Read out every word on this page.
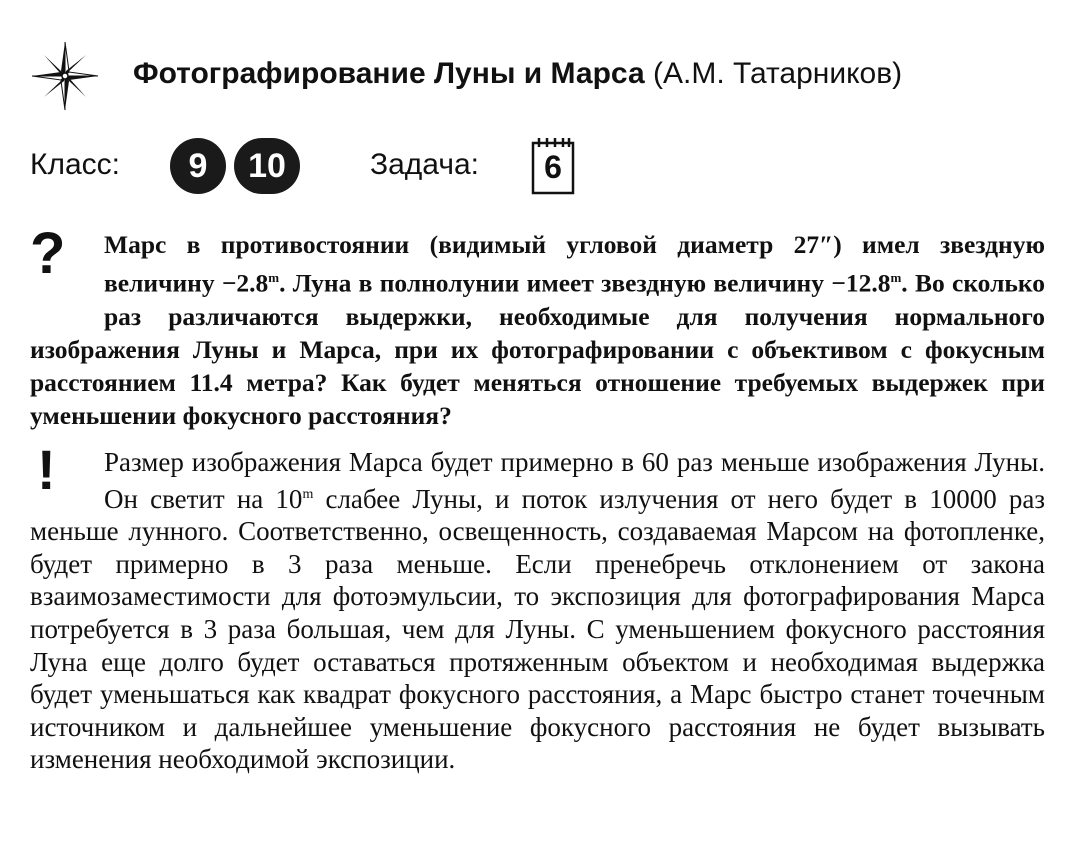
Фотографирование Луны и Марса (А.М. Татарников)
Класс:	9	10	Задача:	6
?	Марс в противостоянии (видимый угловой диаметр 27″) имел звездную величину $-2.8^m$. Луна в полнолунии имеет звездную величину $-12.8^m$. Во сколько раз различаются выдержки, необходимые для получения нормального изображения Луны и Марса, при их фотографировании с объективом с фокусным расстоянием 11.4 метра? Как будет меняться отношение требуемых выдержек при уменьшении фокусного расстояния?

!	Размер изображения Марса будет примерно в 60 раз меньше изображения Луны. Он светит на 10$^m$ слабее Луны, и поток излучения от него будет в 10000 раз меньше лунного. Соответственно, освещенность, создаваемая Марсом на фотопленке, будет примерно в 3 раза меньше. Если пренебречь отклонением от закона взаимозаместимости для фотоэмульсии, то экспозиция для фотографирования Марса потребуется в 3 раза большая, чем для Луны. С уменьшением фокусного расстояния Луна еще долго будет оставаться протяженным объектом и необходимая выдержка будет уменьшаться как квадрат фокусного расстояния, а Марс быстро станет точечным источником и дальнейшее уменьшение фокусного расстояния не будет вызывать изменения необходимой экспозиции.
